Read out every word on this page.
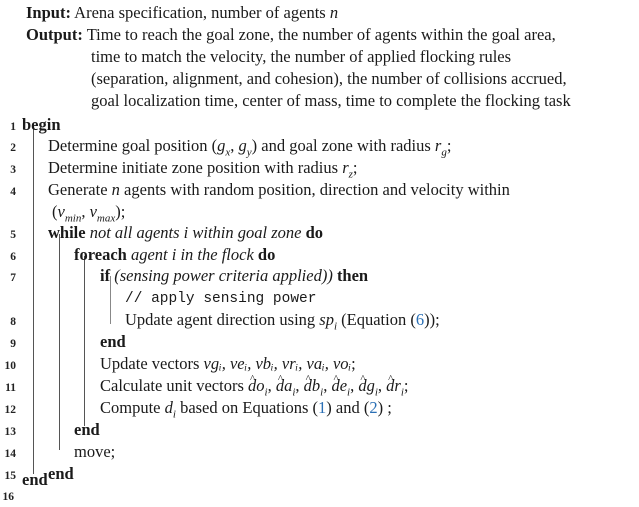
Input: Arena specification, number of agents n
Output: Time to reach the goal zone, the number of agents within the goal area,
time to match the velocity, the number of applied flocking rules
(separation, alignment, and cohesion), the number of collisions accrued,
goal localization time, center of mass, time to complete the flocking task
1 begin
2 Determine goal position ($g_x$, $g_y$) and goal zone with radius $r_g$;
3 Determine initiate zone position with radius $r_z$;
4 Generate n agents with random position, direction and velocity within
($v_{min}$, $v_{max}$);
5 while not all agents i within goal zone do
6	foreach agent i in the flock do
7	if (sensing power criteria applied)) then
// apply sensing power
8	Update agent direction using $sp_i$ (Equation (6));
9	end
10	Update vectors vgᵢ, veᵢ, vbᵢ, vrᵢ, vaᵢ, voᵢ;
11	Calculate unit vectors ^ $do_i$, ^ $da_i$, ^ $db_i$, ^ $de_i$, ^ $dg_i$, ^ $dr_i$;
12	Compute $d_i$ based on Equations (1) and (2) ;
13	end
14	move;
15 end
16
end
